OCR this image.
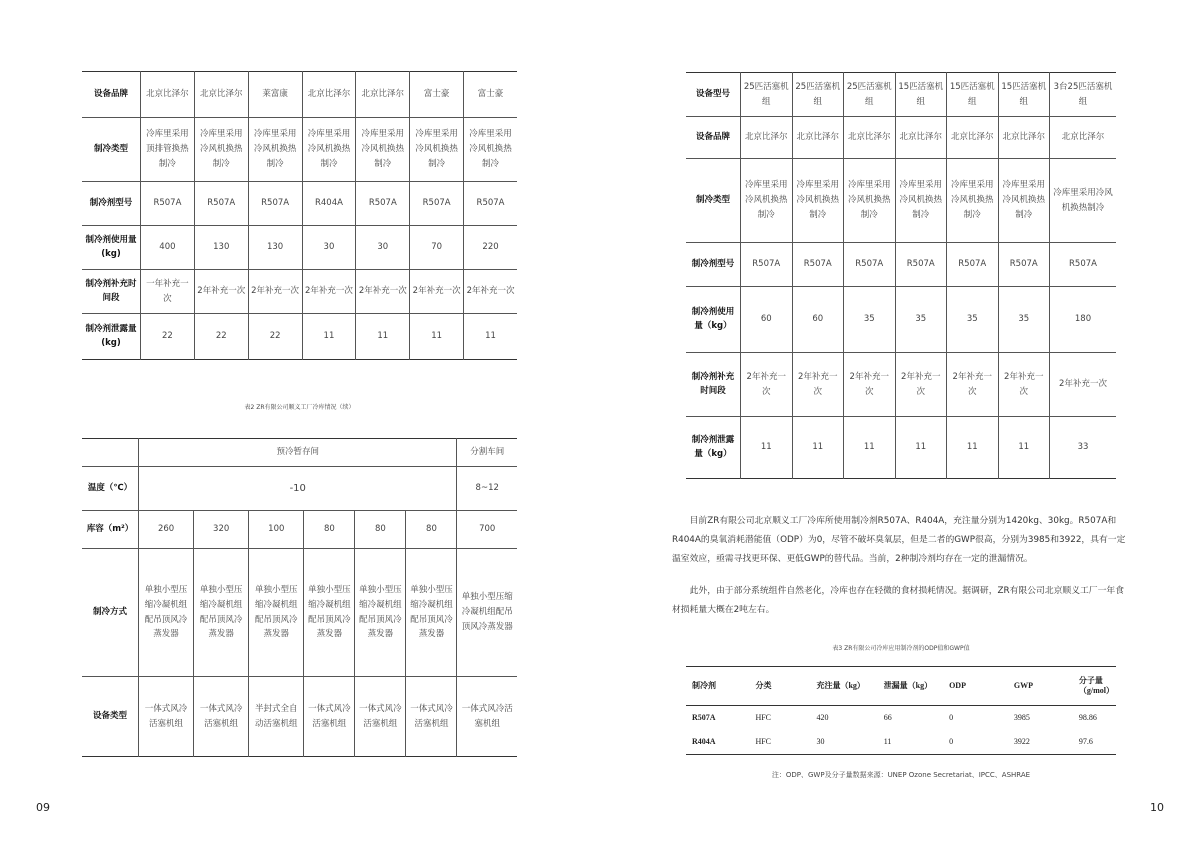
设备品牌	北京比泽尔	北京比泽尔	莱富康	北京比泽尔	北京比泽尔	富士豪	富士豪
制冷类型	冷库里采用顶排管换热制冷	冷库里采用冷风机换热制冷	冷库里采用冷风机换热制冷	冷库里采用冷风机换热制冷	冷库里采用冷风机换热制冷	冷库里采用冷风机换热制冷	冷库里采用冷风机换热制冷
制冷剂型号	R507A	R507A	R507A	R404A	R507A	R507A	R507A
制冷剂使用量(kg)	400	130	130	30	30	70	220
制冷剂补充时间段	一年补充一次	2年补充一次	2年补充一次	2年补充一次	2年补充一次	2年补充一次	2年补充一次
制冷剂泄露量(kg)	22	22	22	11	11	11	11
表2 ZR有限公司顺义工厂冷库情况（续）
	预冷暂存间						分割车间
温度（℃）	-10						8~12
库容（m²）	260	320	100	80	80	80	700
制冷方式	单独小型压缩冷凝机组配吊顶风冷蒸发器	单独小型压缩冷凝机组配吊顶风冷蒸发器	单独小型压缩冷凝机组配吊顶风冷蒸发器	单独小型压缩冷凝机组配吊顶风冷蒸发器	单独小型压缩冷凝机组配吊顶风冷蒸发器	单独小型压缩冷凝机组配吊顶风冷蒸发器	单独小型压缩冷凝机组配吊顶风冷蒸发器
设备类型	一体式风冷活塞机组	一体式风冷活塞机组	半封式全自动活塞机组	一体式风冷活塞机组	一体式风冷活塞机组	一体式风冷活塞机组	一体式风冷活塞机组
设备型号	25匹活塞机组	25匹活塞机组	25匹活塞机组	15匹活塞机组	15匹活塞机组	15匹活塞机组	3台25匹活塞机组
设备品牌	北京比泽尔	北京比泽尔	北京比泽尔	北京比泽尔	北京比泽尔	北京比泽尔	北京比泽尔
制冷类型	冷库里采用冷风机换热制冷	冷库里采用冷风机换热制冷	冷库里采用冷风机换热制冷	冷库里采用冷风机换热制冷	冷库里采用冷风机换热制冷	冷库里采用冷风机换热制冷	冷库里采用冷风机换热制冷
制冷剂型号	R507A	R507A	R507A	R507A	R507A	R507A	R507A
制冷剂使用量（kg）	60	60	35	35	35	35	180
制冷剂补充时间段	2年补充一次	2年补充一次	2年补充一次	2年补充一次	2年补充一次	2年补充一次	2年补充一次
制冷剂泄露量（kg）	11	11	11	11	11	11	33
目前ZR有限公司北京顺义工厂冷库所使用制冷剂R507A、R404A，充注量分别为1420kg、30kg。R507A和R404A的臭氧消耗潜能值（ODP）为0，尽管不破坏臭氧层，但是二者的GWP很高，分别为3985和3922，具有一定温室效应，亟需寻找更环保、更低GWP的替代品。当前，2种制冷剂均存在一定的泄漏情况。
此外，由于部分系统组件自然老化，冷库也存在轻微的食材损耗情况。据调研，ZR有限公司北京顺义工厂一年食材损耗量大概在2吨左右。
表3 ZR有限公司冷库应用制冷剂的ODP值和GWP值
制冷剂	分类	充注量（kg）	泄漏量（kg）	ODP	GWP	分子量（g/mol）
R507A	HFC	420	66	0	3985	98.86
R404A	HFC	30	11	0	3922	97.6
注：ODP、GWP及分子量数据来源：UNEP Ozone Secretariat、IPCC、ASHRAE
09	10
